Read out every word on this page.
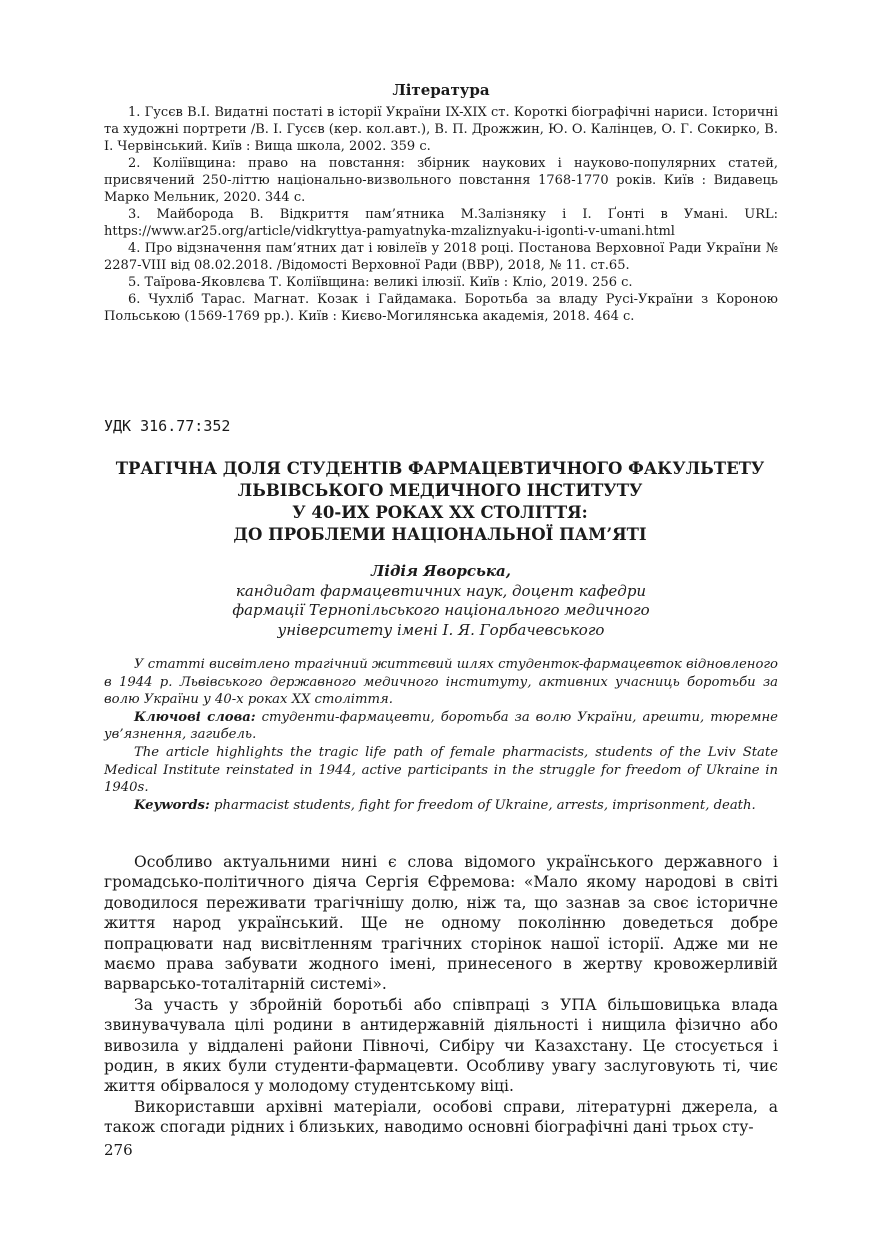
Література

1. Гусєв В.І. Видатні постаті в історії України IX-XIX ст. Короткі біографічні нариси. Історичні та художні портрети /В. І. Гусєв (кер. кол.авт.), В. П. Дрожжин, Ю. О. Калінцев, О. Г. Сокирко, В. І. Червінський. Київ : Вища школа, 2002. 359 с.

2. Коліївщина: право на повстання: збірник наукових і науково-популярних статей, присвячений 250-літтю національно-визвольного повстання 1768-1770 років. Київ : Видавець Марко Мельник, 2020. 344 с.

3. Майборода В. Відкриття пам’ятника М.Залізняку і І. Ґонті в Умані. URL: https://www.ar25.org/article/vidkryttya-pamyatnyka-mzaliznyaku-i-igonti-v-umani.html

4. Про відзначення пам’ятних дат і ювілеїв у 2018 році. Постанова Верховної Ради України № 2287-VIII від 08.02.2018. /Відомості Верховної Ради (ВВР), 2018, № 11. ст.65.

5. Таїрова-Яковлєва Т. Коліївщина: великі ілюзії. Київ : Кліо, 2019. 256 с.

6. Чухліб Тарас. Магнат. Козак і Гайдамака. Боротьба за владу Русі-України з Короною Польською (1569-1769 рр.). Київ : Києво-Могилянська академія, 2018. 464 с.

УДК 316.77:352
ТРАГІЧНА ДОЛЯ СТУДЕНТІВ ФАРМАЦЕВТИЧНОГО ФАКУЛЬТЕТУ
ЛЬВІВСЬКОГО МЕДИЧНОГО ІНСТИТУТУ
У 40-ИХ РОКАХ ХХ СТОЛІТТЯ:
ДО ПРОБЛЕМИ НАЦІОНАЛЬНОЇ ПАМ’ЯТІ
Лідія Яворська,
кандидат фармацевтичних наук, доцент кафедри
фармації Тернопільського національного медичного
університету імені І. Я. Горбачевського

У статті висвітлено трагічний життєвий шлях студенток-фармацевток відновленого в 1944 р. Львівського державного медичного інституту, активних учасниць боротьби за волю України у 40-х роках ХХ століття.

Ключові слова: студенти-фармацевти, боротьба за волю України, арешти, тюремне ув’язнення, загибель.

The article highlights the tragic life path of female pharmacists, students of the Lviv State Medical Institute reinstated in 1944, active participants in the struggle for freedom of Ukraine in 1940s.

Keywords: pharmacist students, fight for freedom of Ukraine, arrests, imprisonment, death.

Особливо актуальними нині є слова відомого українського державного і громадсько-політичного діяча Сергія Єфремова: «Мало якому народові в світі доводилося переживати трагічнішу долю, ніж та, що зазнав за своє історичне життя народ український. Ще не одному поколінню доведеться добре попрацювати над висвітленням трагічних сторінок нашої історії. Адже ми не маємо права забувати жодного імені, принесеного в жертву кровожерливій варварсько-тоталітарній системі».

За участь у збройній боротьбі або співпраці з УПА більшовицька влада звинувачувала цілі родини в антидержавній діяльності і нищила фізично або вивозила у віддалені райони Півночі, Сибіру чи Казахстану. Це стосується і родин, в яких були студенти-фармацевти. Особливу увагу заслуговують ті, чиє життя обірвалося у молодому студентському віці.

Використавши архівні матеріали, особові справи, літературні джерела, а також спогади рідних і близьких, наводимо основні біографічні дані трьох сту-

276
